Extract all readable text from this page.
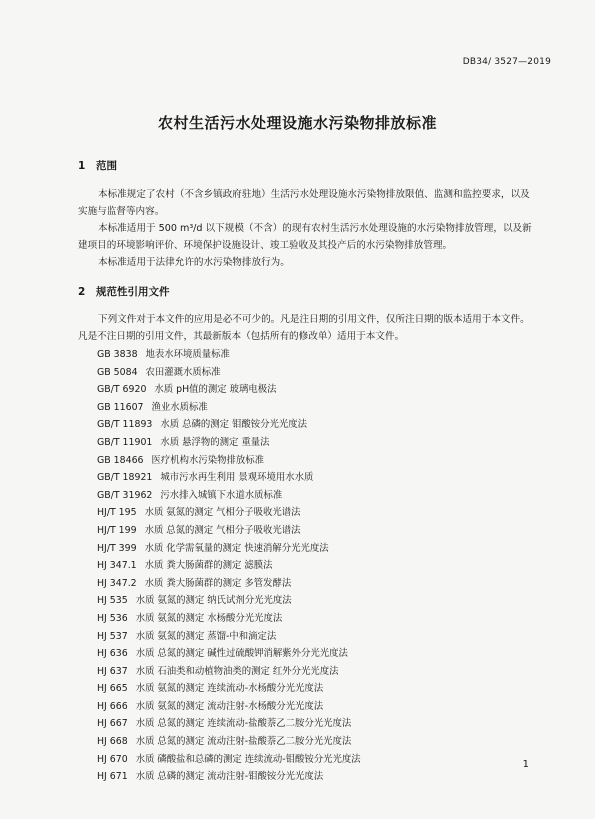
DB34/ 3527—2019
农村生活污水处理设施水污染物排放标准
1 范围

本标准规定了农村（不含乡镇政府驻地）生活污水处理设施水污染物排放限值、监测和监控要求，以及实施与监督等内容。

本标准适用于 500 m³/d 以下规模（不含）的现有农村生活污水处理设施的水污染物排放管理，以及新建项目的环境影响评价、环境保护设施设计、竣工验收及其投产后的水污染物排放管理。

本标准适用于法律允许的水污染物排放行为。

2 规范性引用文件

下列文件对于本文件的应用是必不可少的。凡是注日期的引用文件，仅所注日期的版本适用于本文件。凡是不注日期的引用文件，其最新版本（包括所有的修改单）适用于本文件。

GB 3838 地表水环境质量标准
GB 5084 农田灌溉水质标准
GB/T 6920 水质 pH值的测定 玻璃电极法
GB 11607 渔业水质标准
GB/T 11893 水质 总磷的测定 钼酸铵分光光度法
GB/T 11901 水质 悬浮物的测定 重量法
GB 18466 医疗机构水污染物排放标准
GB/T 18921 城市污水再生利用 景观环境用水水质
GB/T 31962 污水排入城镇下水道水质标准
HJ/T 195 水质 氨氮的测定 气相分子吸收光谱法
HJ/T 199 水质 总氮的测定 气相分子吸收光谱法
HJ/T 399 水质 化学需氧量的测定 快速消解分光光度法
HJ 347.1 水质 粪大肠菌群的测定 滤膜法
HJ 347.2 水质 粪大肠菌群的测定 多管发酵法
HJ 535 水质 氨氮的测定 纳氏试剂分光光度法
HJ 536 水质 氨氮的测定 水杨酸分光光度法
HJ 537 水质 氨氮的测定 蒸馏-中和滴定法
HJ 636 水质 总氮的测定 碱性过硫酸钾消解紫外分光光度法
HJ 637 水质 石油类和动植物油类的测定 红外分光光度法
HJ 665 水质 氨氮的测定 连续流动-水杨酸分光光度法
HJ 666 水质 氨氮的测定 流动注射-水杨酸分光光度法
HJ 667 水质 总氮的测定 连续流动-盐酸萘乙二胺分光光度法
HJ 668 水质 总氮的测定 流动注射-盐酸萘乙二胺分光光度法
HJ 670 水质 磷酸盐和总磷的测定 连续流动-钼酸铵分光光度法
HJ 671 水质 总磷的测定 流动注射-钼酸铵分光光度法
1
